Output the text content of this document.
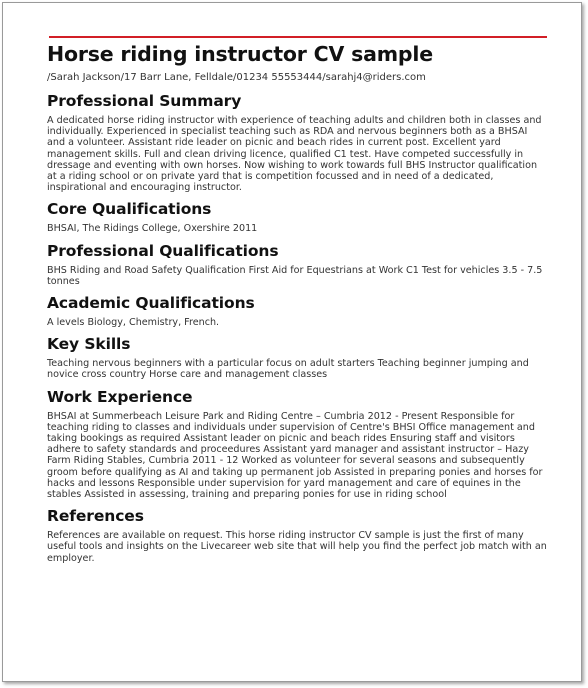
Horse riding instructor CV sample
/Sarah Jackson/17 Barr Lane, Felldale/01234 55553444/sarahj4@riders.com
Professional Summary

A dedicated horse riding instructor with experience of teaching adults and children both in classes and individually. Experienced in specialist teaching such as RDA and nervous beginners both as a BHSAI and a volunteer. Assistant ride leader on picnic and beach rides in current post. Excellent yard management skills. Full and clean driving licence, qualified C1 test. Have competed successfully in dressage and eventing with own horses. Now wishing to work towards full BHS Instructor qualification at a riding school or on private yard that is competition focussed and in need of a dedicated, inspirational and encouraging instructor.

Core Qualifications

BHSAI, The Ridings College, Oxershire 2011

Professional Qualifications

BHS Riding and Road Safety Qualification First Aid for Equestrians at Work C1 Test for vehicles 3.5 - 7.5 tonnes

Academic Qualifications

A levels Biology, Chemistry, French.

Key Skills

Teaching nervous beginners with a particular focus on adult starters Teaching beginner jumping and novice cross country Horse care and management classes

Work Experience

BHSAI at Summerbeach Leisure Park and Riding Centre – Cumbria 2012 - Present Responsible for teaching riding to classes and individuals under supervision of Centre's BHSI Office management and taking bookings as required Assistant leader on picnic and beach rides Ensuring staff and visitors adhere to safety standards and proceedures Assistant yard manager and assistant instructor – Hazy Farm Riding Stables, Cumbria 2011 - 12 Worked as volunteer for several seasons and subsequently groom before qualifying as AI and taking up permanent job Assisted in preparing ponies and horses for hacks and lessons Responsible under supervision for yard management and care of equines in the stables Assisted in assessing, training and preparing ponies for use in riding school

References

References are available on request. This horse riding instructor CV sample is just the first of many useful tools and insights on the Livecareer web site that will help you find the perfect job match with an employer.
